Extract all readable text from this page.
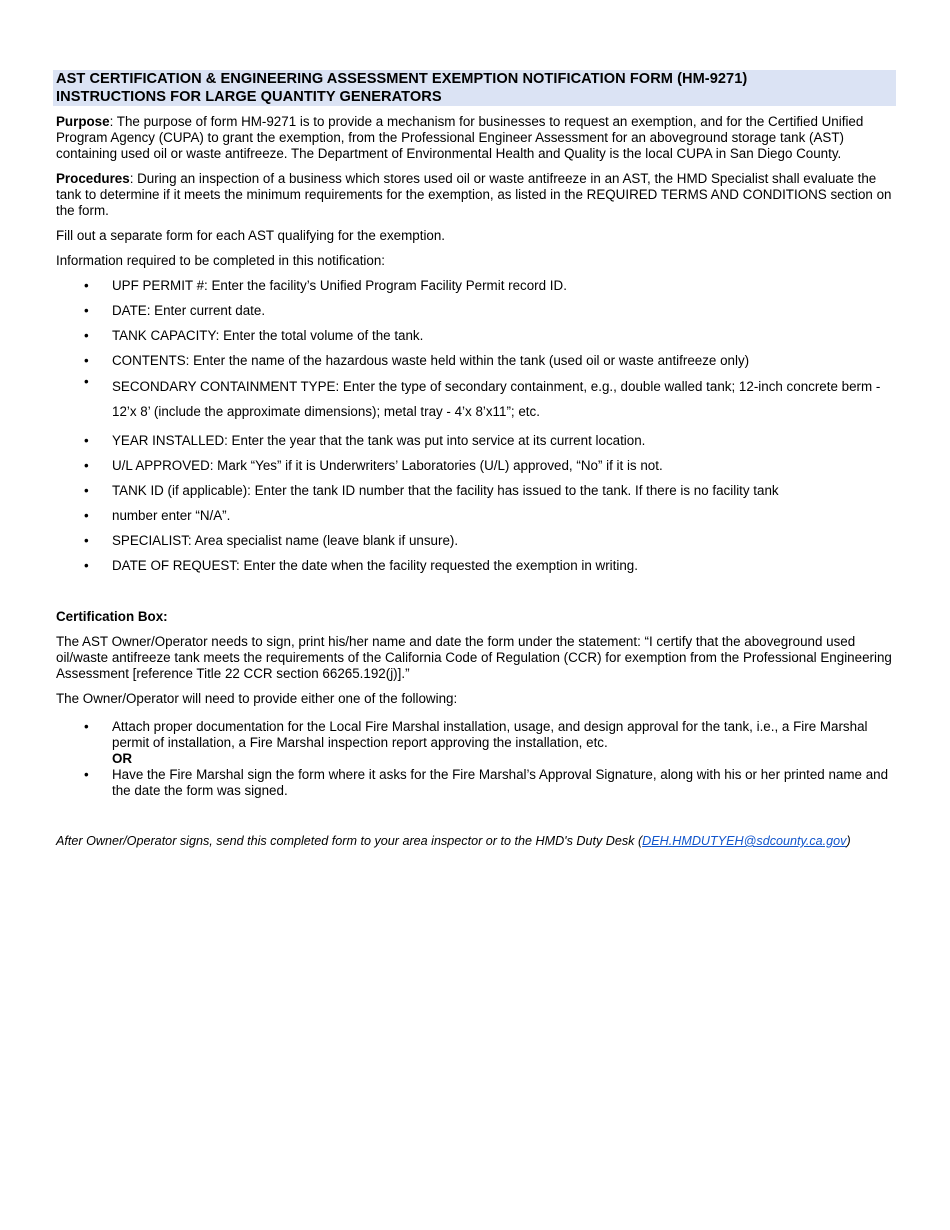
AST CERTIFICATION & ENGINEERING ASSESSMENT EXEMPTION NOTIFICATION FORM (HM-9271)
INSTRUCTIONS FOR LARGE QUANTITY GENERATORS

Purpose: The purpose of form HM-9271 is to provide a mechanism for businesses to request an exemption, and for the Certified Unified Program Agency (CUPA) to grant the exemption, from the Professional Engineer Assessment for an aboveground storage tank (AST) containing used oil or waste antifreeze. The Department of Environmental Health and Quality is the local CUPA in San Diego County.

Procedures: During an inspection of a business which stores used oil or waste antifreeze in an AST, the HMD Specialist shall evaluate the tank to determine if it meets the minimum requirements for the exemption, as listed in the REQUIRED TERMS AND CONDITIONS section on the form.

Fill out a separate form for each AST qualifying for the exemption.

Information required to be completed in this notification:

• UPF PERMIT #: Enter the facility’s Unified Program Facility Permit record ID.
• DATE: Enter current date.
• TANK CAPACITY: Enter the total volume of the tank.
• CONTENTS: Enter the name of the hazardous waste held within the tank (used oil or waste antifreeze only)
• SECONDARY CONTAINMENT TYPE: Enter the type of secondary containment, e.g., double walled tank; 12-inch concrete berm - 12’x 8’ (include the approximate dimensions); metal tray - 4’x 8’x11”; etc.
• YEAR INSTALLED: Enter the year that the tank was put into service at its current location.
• U/L APPROVED: Mark “Yes” if it is Underwriters’ Laboratories (U/L) approved, “No” if it is not.
• TANK ID (if applicable): Enter the tank ID number that the facility has issued to the tank. If there is no facility tank
• number enter “N/A”.
• SPECIALIST: Area specialist name (leave blank if unsure).
• DATE OF REQUEST: Enter the date when the facility requested the exemption in writing.

Certification Box:

The AST Owner/Operator needs to sign, print his/her name and date the form under the statement: “I certify that the aboveground used oil/waste antifreeze tank meets the requirements of the California Code of Regulation (CCR) for exemption from the Professional Engineering Assessment [reference Title 22 CCR section 66265.192(j)].”

The Owner/Operator will need to provide either one of the following:

• Attach proper documentation for the Local Fire Marshal installation, usage, and design approval for the tank, i.e., a Fire Marshal permit of installation, a Fire Marshal inspection report approving the installation, etc.
OR
• Have the Fire Marshal sign the form where it asks for the Fire Marshal’s Approval Signature, along with his or her printed name and the date the form was signed.

After Owner/Operator signs, send this completed form to your area inspector or to the HMD's Duty Desk (DEH.HMDUTYEH@sdcounty.ca.gov)
